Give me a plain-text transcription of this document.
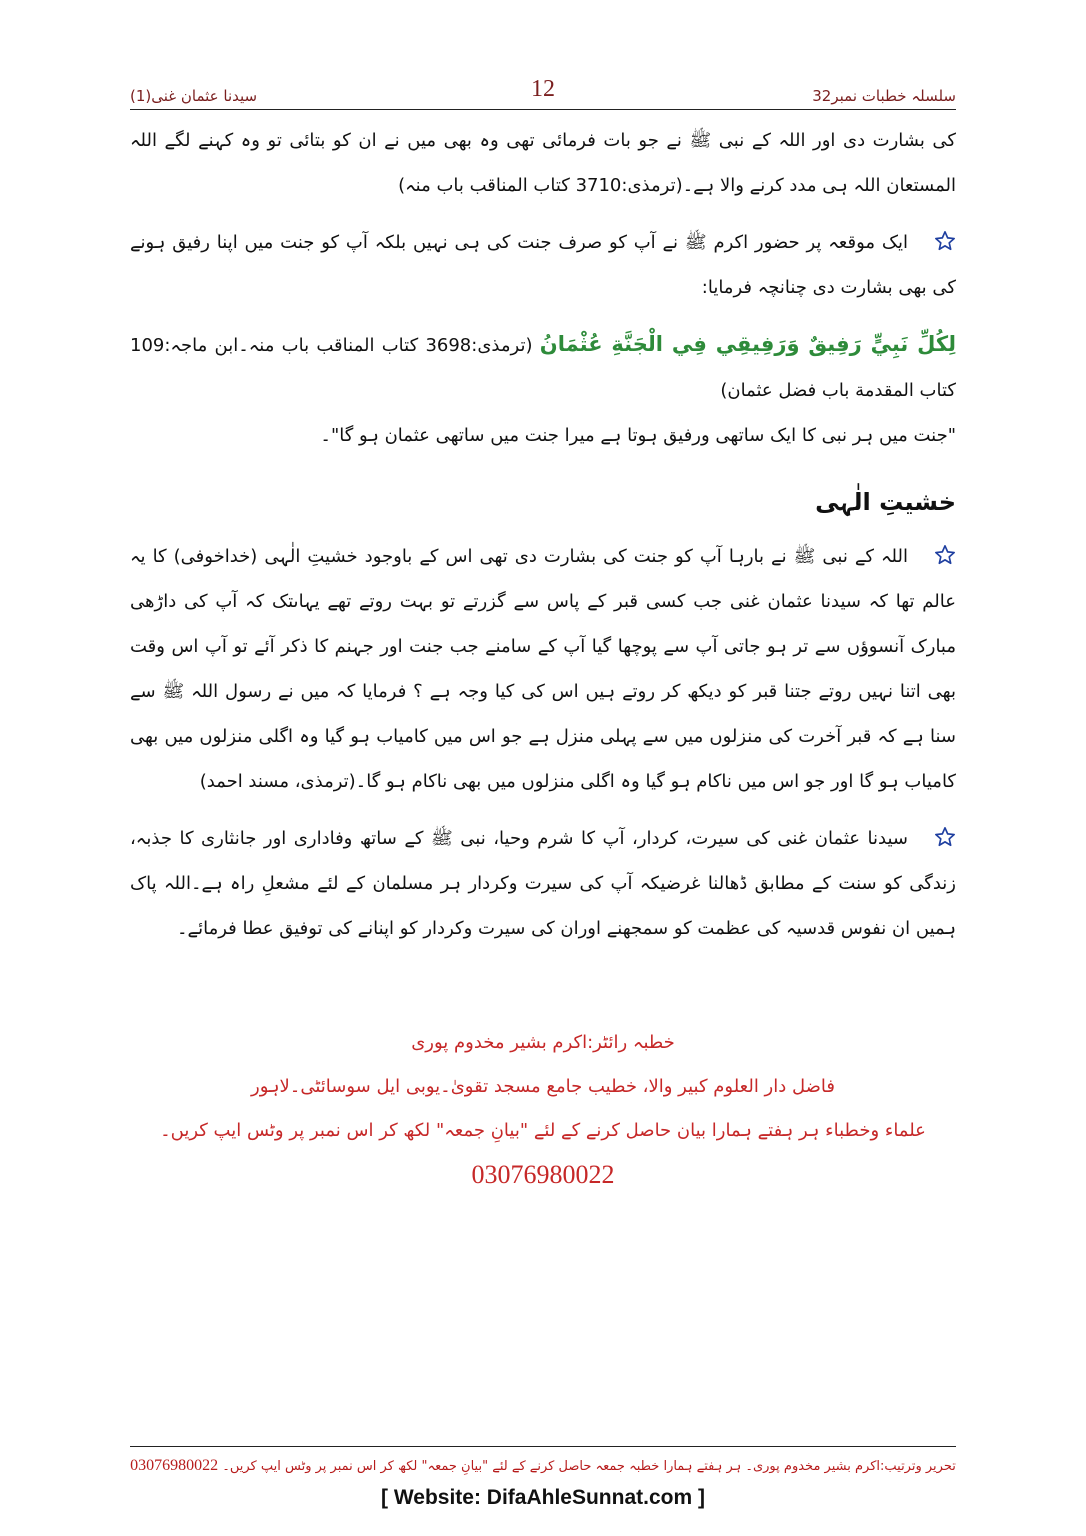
سلسلہ خطبات نمبر32
12
سیدنا عثمان غنی(1)

کی بشارت دی اور اللہ کے نبی ﷺ نے جو بات فرمائی تھی وہ بھی میں نے ان کو بتائی تو وہ کہنے لگے اللہ المستعان اللہ ہی مدد کرنے والا ہے۔(ترمذی:3710 کتاب المناقب باب منہ)

ایک موقعہ پر حضور اکرم ﷺ نے آپ کو صرف جنت کی ہی نہیں بلکہ آپ کو جنت میں اپنا رفیق ہونے کی بھی بشارت دی چنانچہ فرمایا:

لِكُلِّ نَبِيٍّ رَفِيقٌ وَرَفِيقِي فِي الْجَنَّةِ عُثْمَانُ (ترمذی:3698 کتاب المناقب باب منہ۔ابن ماجہ:109 کتاب المقدمة باب فضل عثمان)

"جنت میں ہر نبی کا ایک ساتھی ورفیق ہوتا ہے میرا جنت میں ساتھی عثمان ہو گا"۔

خشیتِ الٰہی

اللہ کے نبی ﷺ نے بارہا آپ کو جنت کی بشارت دی تھی اس کے باوجود خشیتِ الٰہی (خداخوفی) کا یہ عالم تھا کہ سیدنا عثمان غنی جب کسی قبر کے پاس سے گزرتے تو بہت روتے تھے یہاںتک کہ آپ کی داڑھی مبارک آنسوؤں سے تر ہو جاتی آپ سے پوچھا گیا آپ کے سامنے جب جنت اور جہنم کا ذکر آئے تو آپ اس وقت بھی اتنا نہیں روتے جتنا قبر کو دیکھ کر روتے ہیں اس کی کیا وجہ ہے ؟ فرمایا کہ میں نے رسول اللہ ﷺ سے سنا ہے کہ قبر آخرت کی منزلوں میں سے پہلی منزل ہے جو اس میں کامیاب ہو گیا وہ اگلی منزلوں میں بھی کامیاب ہو گا اور جو اس میں ناکام ہو گیا وہ اگلی منزلوں میں بھی ناکام ہو گا۔(ترمذی، مسند احمد)

سیدنا عثمان غنی کی سیرت، کردار، آپ کا شرم وحیا، نبی ﷺ کے ساتھ وفاداری اور جانثاری کا جذبہ، زندگی کو سنت کے مطابق ڈھالنا غرضیکہ آپ کی سیرت وکردار ہر مسلمان کے لئے مشعلِ راہ ہے۔اللہ پاک ہمیں ان نفوس قدسیہ کی عظمت کو سمجھنے اوران کی سیرت وکردار کو اپنانے کی توفیق عطا فرمائے۔

خطبہ رائٹر:اکرم بشیر مخدوم پوری
فاضل دار العلوم کبیر والا، خطیب جامع مسجد تقویٰ۔یوبی ایل سوسائٹی۔لاہور
علماء وخطباء ہر ہفتے ہمارا بیان حاصل کرنے کے لئے "بیانِ جمعہ" لکھ کر اس نمبر پر وٹس ایپ کریں۔
03076980022
تحریر وترتیب:اکرم بشیر مخدوم پوری۔ ہر ہفتے ہمارا خطبہ جمعہ حاصل کرنے کے لئے "بیانِ جمعہ" لکھ کر اس نمبر پر وٹس ایپ کریں۔ 03076980022
[ Website: DifaAhleSunnat.com ]
